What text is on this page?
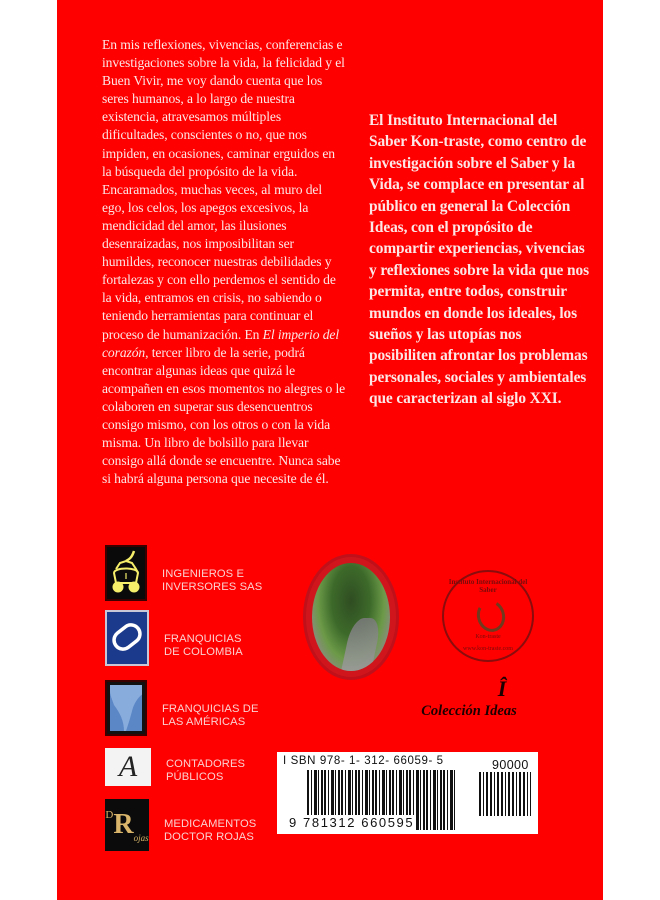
En mis reflexiones, vivencias, conferencias e investigaciones sobre la vida, la felicidad y el Buen Vivir, me voy dando cuenta que los seres humanos, a lo largo de nuestra existencia, atravesamos múltiples dificultades, conscientes o no, que nos impiden, en ocasiones, caminar erguidos en la búsqueda del propósito de la vida. Encaramados, muchas veces, al muro del ego, los celos, los apegos excesivos, la mendicidad del amor, las ilusiones desenraizadas, nos imposibilitan ser humildes, reconocer nuestras debilidades y fortalezas y con ello perdemos el sentido de la vida, entramos en crisis, no sabiendo o teniendo herramientas para continuar el proceso de humanización. En El imperio del corazón, tercer libro de la serie, podrá encontrar algunas ideas que quizá le acompañen en esos momentos no alegres o le colaboren en superar sus desencuentros consigo mismo, con los otros o con la vida misma. Un libro de bolsillo para llevar consigo allá donde se encuentre. Nunca sabe si habrá alguna persona que necesite de él.
El Instituto Internacional del Saber Kon-traste, como centro de investigación sobre el Saber y la Vida, se complace en presentar al público en general la Colección Ideas, con el propósito de compartir experiencias, vivencias y reflexiones sobre la vida que nos permita, entre todos, construir mundos en donde los ideales, los sueños y las utopías nos posibiliten afrontar los problemas personales, sociales y ambientales que caracterizan al siglo XXI.
INGENIEROS E
INVERSORES SAS
FRANQUICIAS
DE COLOMBIA
FRANQUICIAS DE
LAS AMÉRICAS
A	CONTADORES
PÚBLICOS
D R ojas
MEDICAMENTOS
DOCTOR ROJAS
Instituto Internacional del Saber
Kon-traste
www.kon-traste.com
Î
Colección Ideas
I SBN 978- 1- 312- 66059- 5	90000
9 781312 660595
